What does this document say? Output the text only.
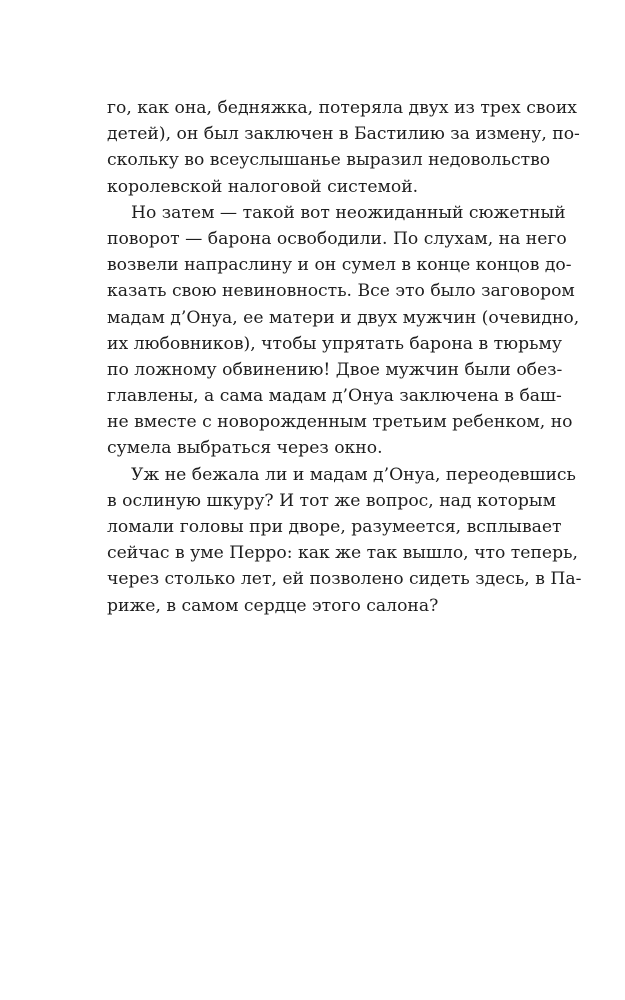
го, как она, бедняжка, потеряла двух из трех своих
детей), он был заключен в Бастилию за измену, по-
скольку во всеуслышанье выразил недовольство
королевской налоговой системой.
Но затем — такой вот неожиданный сюжетный
поворот — барона освободили. По слухам, на него
возвели напраслину и он сумел в конце концов до-
казать свою невиновность. Все это было заговором
мадам д’Онуа, ее матери и двух мужчин (очевидно,
их любовников), чтобы упрятать барона в тюрьму
по ложному обвинению! Двое мужчин были обез-
главлены, а сама мадам д’Онуа заключена в баш-
не вместе с новорожденным третьим ребенком, но
сумела выбраться через окно.
Уж не бежала ли и мадам д’Онуа, переодевшись
в ослиную шкуру? И тот же вопрос, над которым
ломали головы при дворе, разумеется, всплывает
сейчас в уме Перро: как же так вышло, что теперь,
через столько лет, ей позволено сидеть здесь, в Па-
риже, в самом сердце этого салона?
